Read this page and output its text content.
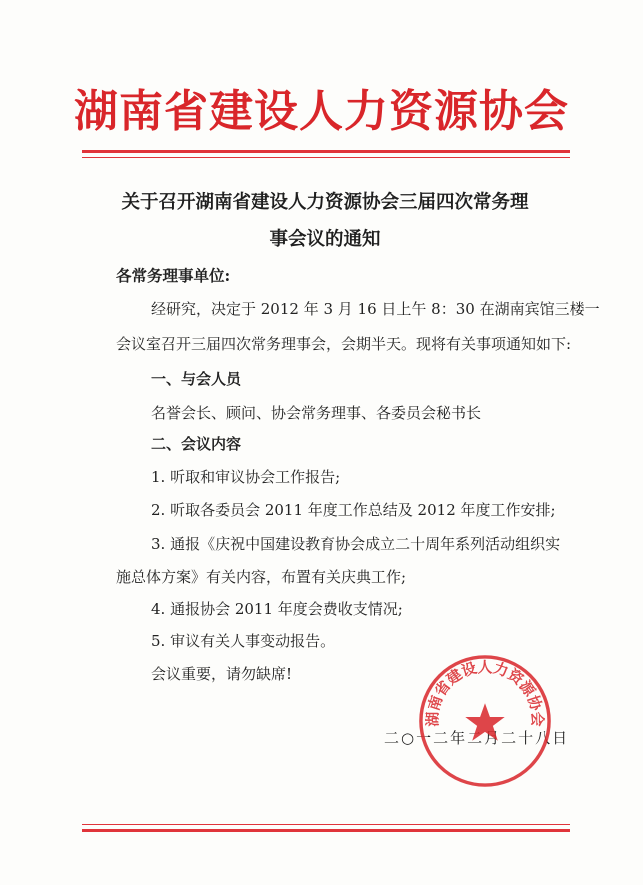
湖南省建设人力资源协会
关于召开湖南省建设人力资源协会三届四次常务理
事会议的通知
各常务理事单位:
经研究，决定于 2012 年 3 月 16 日上午 8：30 在湖南宾馆三楼一
会议室召开三届四次常务理事会，会期半天。现将有关事项通知如下:
一、与会人员
名誉会长、顾问、协会常务理事、各委员会秘书长
二、会议内容
1. 听取和审议协会工作报告;
2. 听取各委员会 2011 年度工作总结及 2012 年度工作安排;
3. 通报《庆祝中国建设教育协会成立二十周年系列活动组织实
施总体方案》有关内容，布置有关庆典工作;
4. 通报协会 2011 年度会费收支情况;
5. 审议有关人事变动报告。
会议重要，请勿缺席!
二○一二年二月二十八日
湖南省建设人力资源协会
